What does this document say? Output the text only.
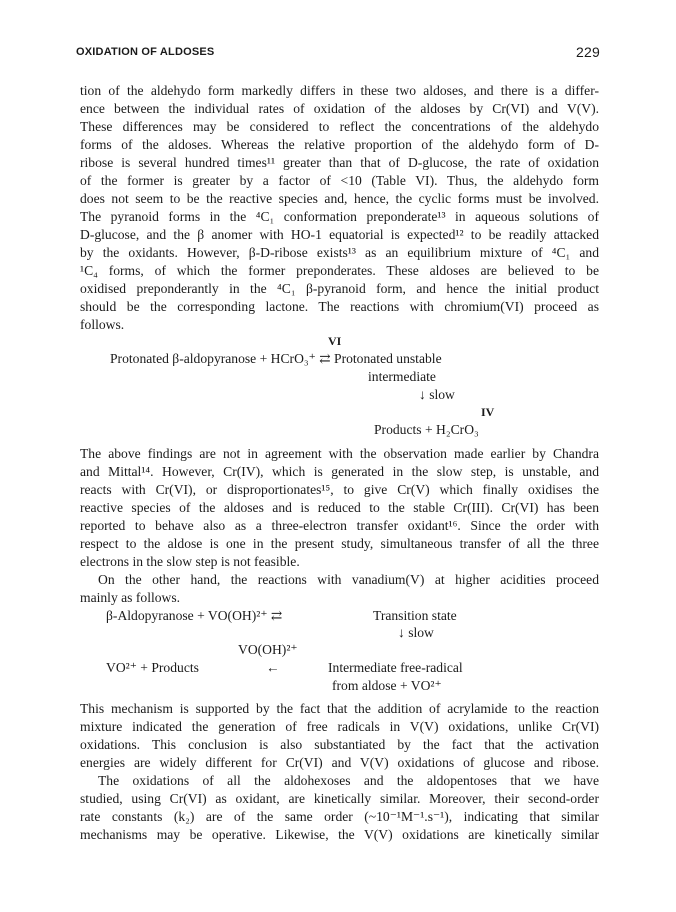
OXIDATION OF ALDOSES	229
tion of the aldehydo form markedly differs in these two aldoses, and there is a differ-
ence between the individual rates of oxidation of the aldoses by Cr(VI) and V(V).
These differences may be considered to reflect the concentrations of the aldehydo
forms of the aldoses. Whereas the relative proportion of the aldehydo form of D-
ribose is several hundred times¹¹ greater than that of D-glucose, the rate of oxidation
of the former is greater by a factor of <10 (Table VI). Thus, the aldehydo form
does not seem to be the reactive species and, hence, the cyclic forms must be involved.
The pyranoid forms in the ⁴C₁ conformation preponderate¹³ in aqueous solutions of
D-glucose, and the β anomer with HO-1 equatorial is expected¹² to be readily attacked
by the oxidants. However, β-D-ribose exists¹³ as an equilibrium mixture of ⁴C₁ and
¹C₄ forms, of which the former preponderates. These aldoses are believed to be
oxidised preponderantly in the ⁴C₁ β-pyranoid form, and hence the initial product
should be the corresponding lactone. The reactions with chromium(VI) proceed as
follows.
VI
Protonated β-aldopyranose + HCrO₃⁺ ⇄ Protonated unstable
intermediate
↓ slow
IV
Products + H₂CrO₃
The above findings are not in agreement with the observation made earlier by Chandra
and Mittal¹⁴. However, Cr(IV), which is generated in the slow step, is unstable, and
reacts with Cr(VI), or disproportionates¹⁵, to give Cr(V) which finally oxidises the
reactive species of the aldoses and is reduced to the stable Cr(III). Cr(VI) has been
reported to behave also as a three-electron transfer oxidant¹⁶. Since the order with
respect to the aldose is one in the present study, simultaneous transfer of all the three
electrons in the slow step is not feasible.
On the other hand, the reactions with vanadium(V) at higher acidities proceed
mainly as follows.
β-Aldopyranose + VO(OH)²⁺ ⇄	Transition state
↓ slow
VO(OH)²⁺
VO²⁺ + Products	←	Intermediate free-radical
from aldose + VO²⁺
This mechanism is supported by the fact that the addition of acrylamide to the reaction
mixture indicated the generation of free radicals in V(V) oxidations, unlike Cr(VI)
oxidations. This conclusion is also substantiated by the fact that the activation
energies are widely different for Cr(VI) and V(V) oxidations of glucose and ribose.
The oxidations of all the aldohexoses and the aldopentoses that we have
studied, using Cr(VI) as oxidant, are kinetically similar. Moreover, their second-order
rate constants (k₂) are of the same order (~10⁻¹M⁻¹.s⁻¹), indicating that similar
mechanisms may be operative. Likewise, the V(V) oxidations are kinetically similar
